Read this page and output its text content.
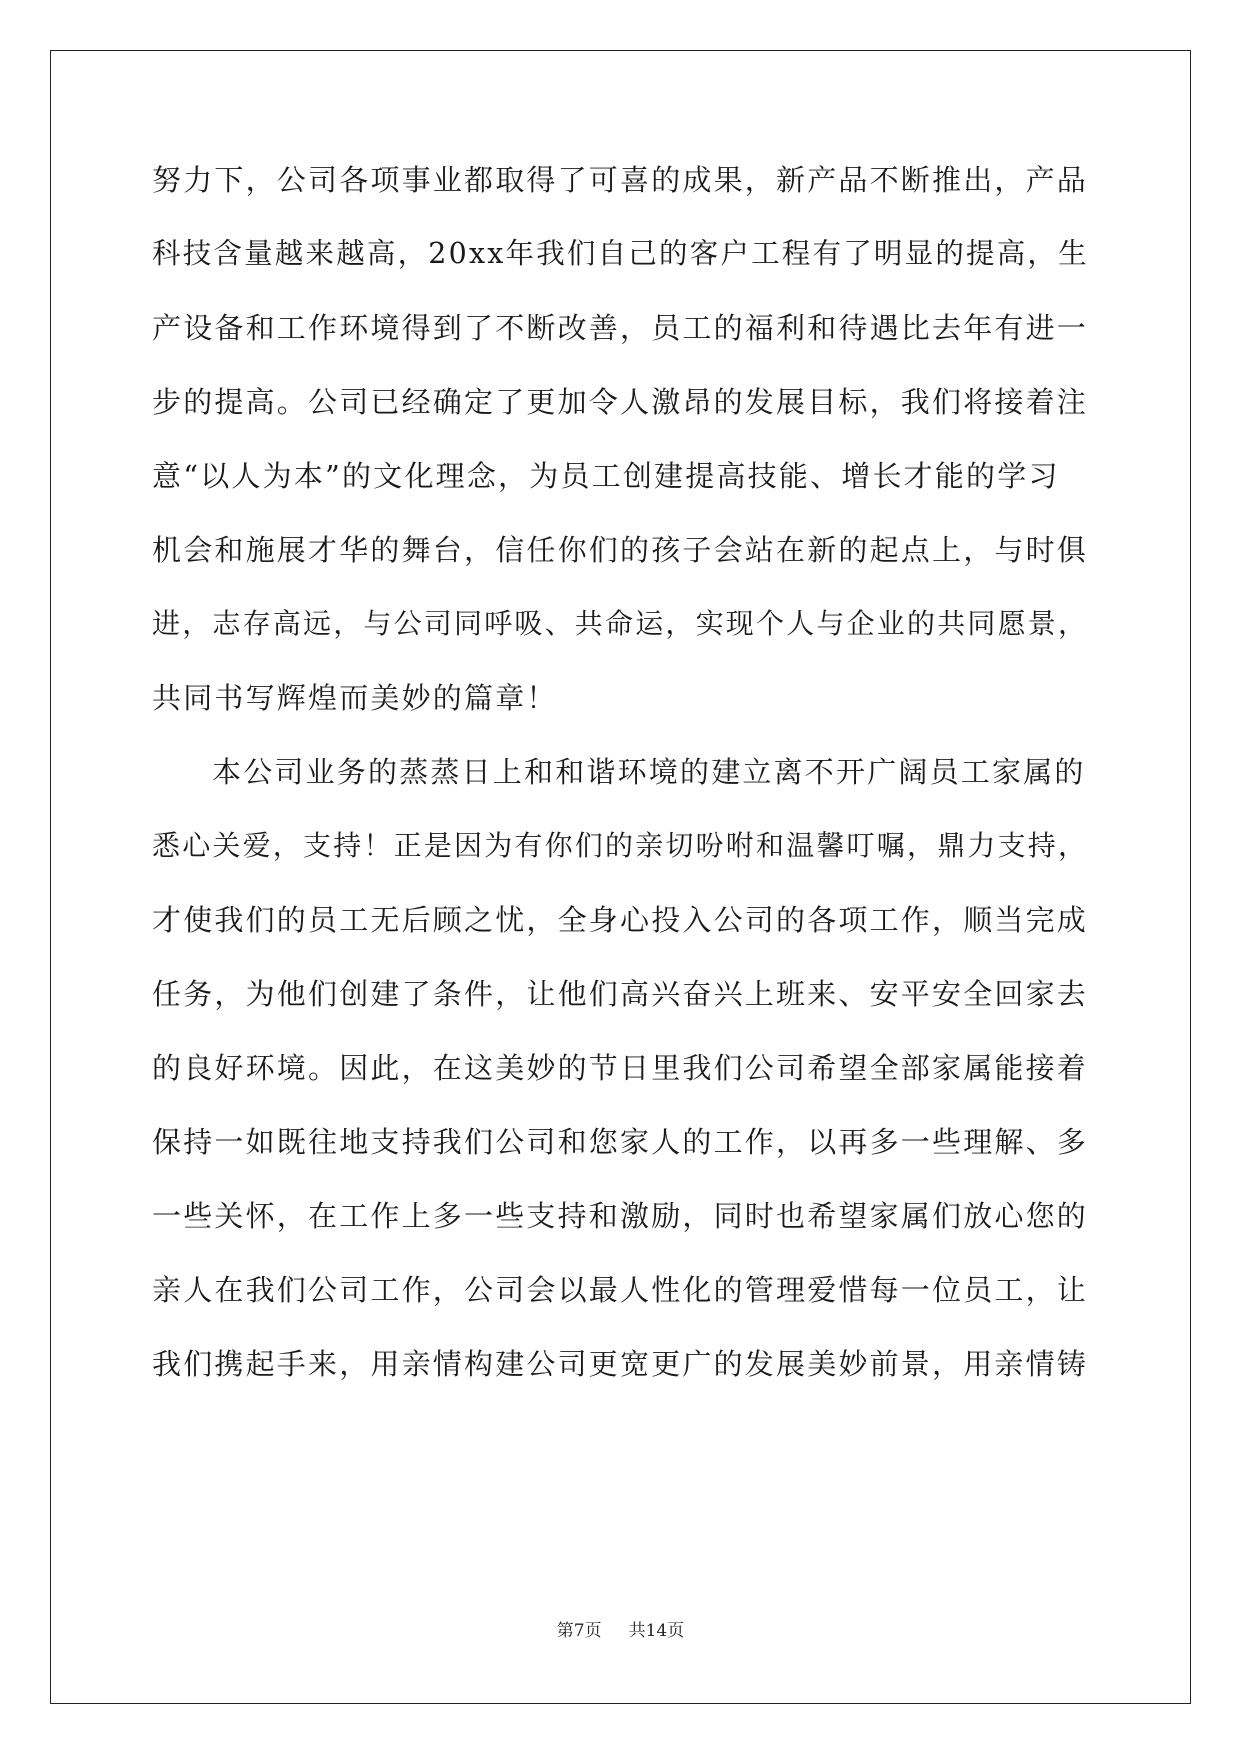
努力下，公司各项事业都取得了可喜的成果，新产品不断推出，产品
科技含量越来越高，20xx年我们自己的客户工程有了明显的提高，生
产设备和工作环境得到了不断改善，员工的福利和待遇比去年有进一
步的提高。公司已经确定了更加令人激昂的发展目标，我们将接着注
意“以人为本”的文化理念，为员工创建提高技能、增长才能的学习
机会和施展才华的舞台，信任你们的孩子会站在新的起点上，与时俱
进，志存高远，与公司同呼吸、共命运，实现个人与企业的共同愿景，
共同书写辉煌而美妙的篇章！
本公司业务的蒸蒸日上和和谐环境的建立离不开广阔员工家属的
悉心关爱，支持！正是因为有你们的亲切吩咐和温馨叮嘱，鼎力支持，
才使我们的员工无后顾之忧，全身心投入公司的各项工作，顺当完成
任务，为他们创建了条件，让他们高兴奋兴上班来、安平安全回家去
的良好环境。因此，在这美妙的节日里我们公司希望全部家属能接着
保持一如既往地支持我们公司和您家人的工作，以再多一些理解、多
一些关怀，在工作上多一些支持和激励，同时也希望家属们放心您的
亲人在我们公司工作，公司会以最人性化的管理爱惜每一位员工，让
我们携起手来，用亲情构建公司更宽更广的发展美妙前景，用亲情铸
第7页 共14页
